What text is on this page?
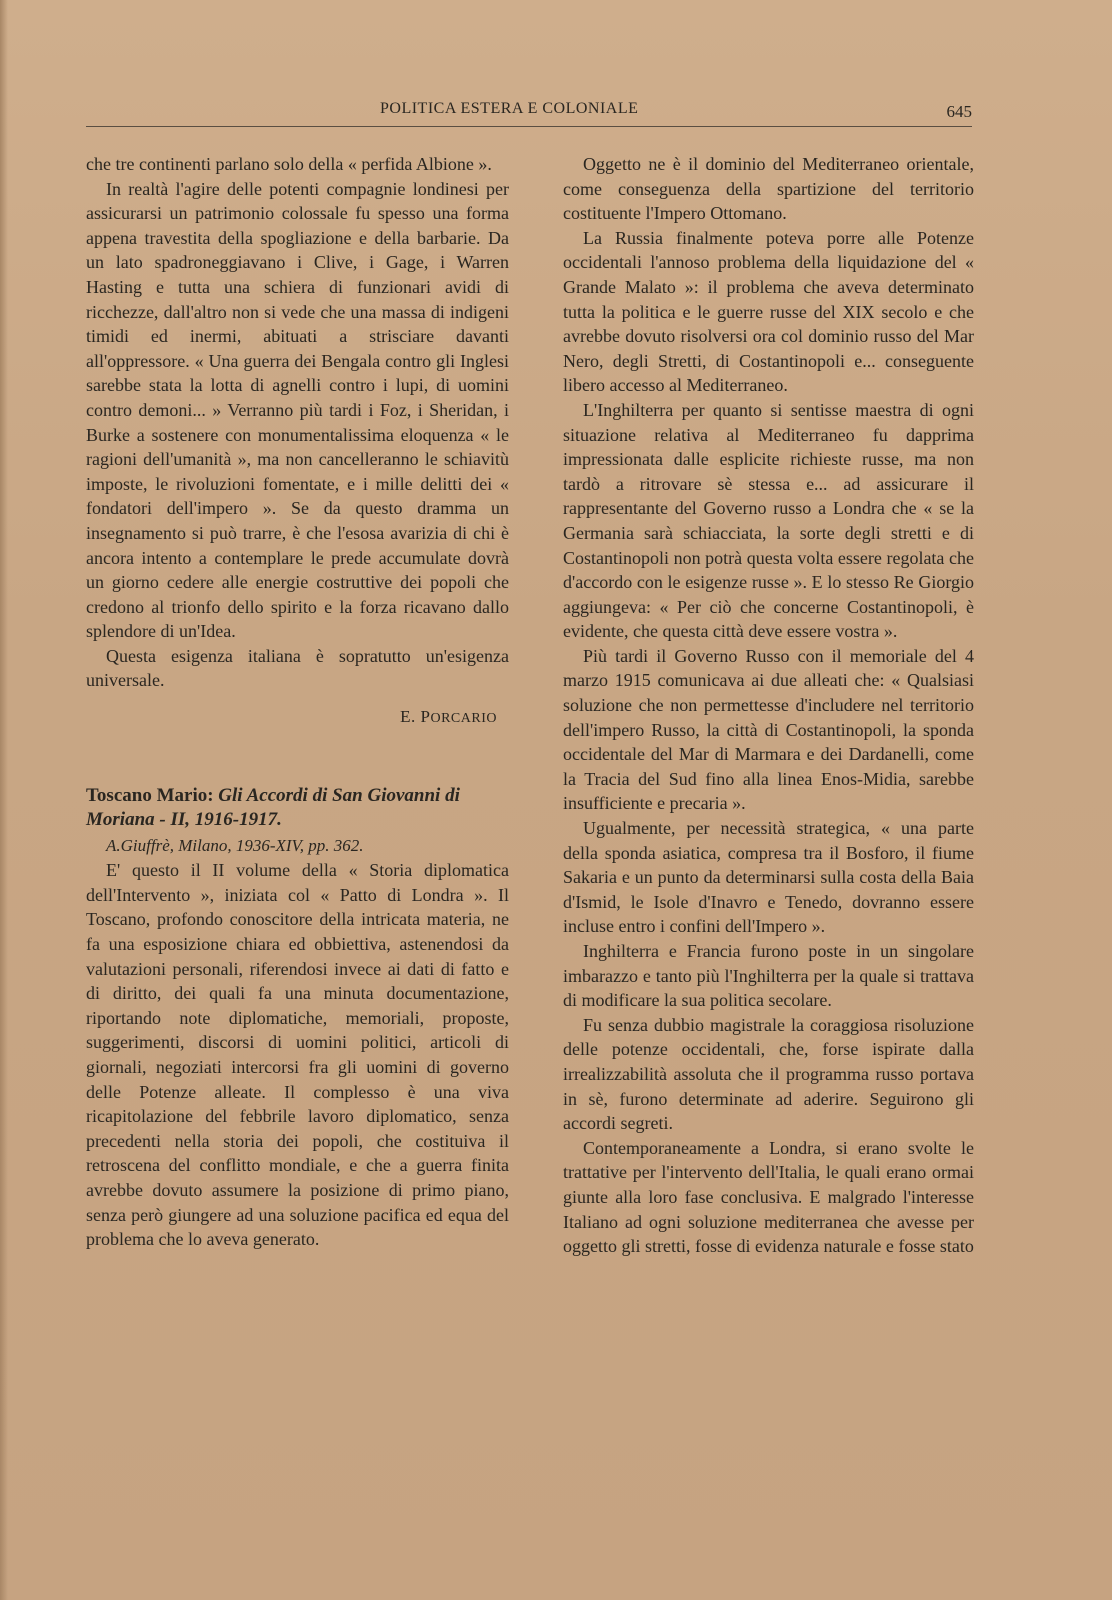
POLITICA ESTERA E COLONIALE	645

che tre continenti parlano solo della « perfida Albione ».

In realtà l'agire delle potenti compagnie londinesi per assicurarsi un patrimonio colossale fu spesso una forma appena travestita della spogliazione e della barbarie. Da un lato spadroneggiavano i Clive, i Gage, i Warren Hasting e tutta una schiera di funzionari avidi di ricchezze, dall'altro non si vede che una massa di indigeni timidi ed inermi, abituati a strisciare davanti all'oppressore. « Una guerra dei Bengala contro gli Inglesi sarebbe stata la lotta di agnelli contro i lupi, di uomini contro demoni... » Verranno più tardi i Foz, i Sheridan, i Burke a sostenere con monumentalissima eloquenza « le ragioni dell'umanità », ma non cancelleranno le schiavitù imposte, le rivoluzioni fomentate, e i mille delitti dei « fondatori dell'impero ». Se da questo dramma un insegnamento si può trarre, è che l'esosa avarizia di chi è ancora intento a contemplare le prede accumulate dovrà un giorno cedere alle energie costruttive dei popoli che credono al trionfo dello spirito e la forza ricavano dallo splendore di un'Idea.

Questa esigenza italiana è sopratutto un'esigenza universale.

E. PORCARIO
Toscano Mario: Gli Accordi di San Giovanni di Moriana - II, 1916-1917.
A.Giuffrè, Milano, 1936-XIV, pp. 362.

E' questo il II volume della « Storia diplomatica dell'Intervento », iniziata col « Patto di Londra ». Il Toscano, profondo conoscitore della intricata materia, ne fa una esposizione chiara ed obbiettiva, astenendosi da valutazioni personali, riferendosi invece ai dati di fatto e di diritto, dei quali fa una minuta documentazione, riportando note diplomatiche, memoriali, proposte, suggerimenti, discorsi di uomini politici, articoli di giornali, negoziati intercorsi fra gli uomini di governo delle Potenze alleate. Il complesso è una viva ricapitolazione del febbrile lavoro diplomatico, senza precedenti nella storia dei popoli, che costituiva il retroscena del conflitto mondiale, e che a guerra finita avrebbe dovuto assumere la posizione di primo piano, senza però giungere ad una soluzione pacifica ed equa del problema che lo aveva generato.

Oggetto ne è il dominio del Mediterraneo orientale, come conseguenza della spartizione del territorio costituente l'Impero Ottomano.

La Russia finalmente poteva porre alle Potenze occidentali l'annoso problema della liquidazione del « Grande Malato »: il problema che aveva determinato tutta la politica e le guerre russe del XIX secolo e che avrebbe dovuto risolversi ora col dominio russo del Mar Nero, degli Stretti, di Costantinopoli e... conseguente libero accesso al Mediterraneo.

L'Inghilterra per quanto si sentisse maestra di ogni situazione relativa al Mediterraneo fu dapprima impressionata dalle esplicite richieste russe, ma non tardò a ritrovare sè stessa e... ad assicurare il rappresentante del Governo russo a Londra che « se la Germania sarà schiacciata, la sorte degli stretti e di Costantinopoli non potrà questa volta essere regolata che d'accordo con le esigenze russe ». E lo stesso Re Giorgio aggiungeva: « Per ciò che concerne Costantinopoli, è evidente, che questa città deve essere vostra ».

Più tardi il Governo Russo con il memoriale del 4 marzo 1915 comunicava ai due alleati che: « Qualsiasi soluzione che non permettesse d'includere nel territorio dell'impero Russo, la città di Costantinopoli, la sponda occidentale del Mar di Marmara e dei Dardanelli, come la Tracia del Sud fino alla linea Enos-Midia, sarebbe insufficiente e precaria ».

Ugualmente, per necessità strategica, « una parte della sponda asiatica, compresa tra il Bosforo, il fiume Sakaria e un punto da determinarsi sulla costa della Baia d'Ismid, le Isole d'Inavro e Tenedo, dovranno essere incluse entro i confini dell'Impero ».

Inghilterra e Francia furono poste in un singolare imbarazzo e tanto più l'Inghilterra per la quale si trattava di modificare la sua politica secolare.

Fu senza dubbio magistrale la coraggiosa risoluzione delle potenze occidentali, che, forse ispirate dalla irrealizzabilità assoluta che il programma russo portava in sè, furono determinate ad aderire. Seguirono gli accordi segreti.

Contemporaneamente a Londra, si erano svolte le trattative per l'intervento dell'Italia, le quali erano ormai giunte alla loro fase conclusiva. E malgrado l'interesse Italiano ad ogni soluzione mediterranea che avesse per oggetto gli stretti, fosse di evidenza naturale e fosse stato
